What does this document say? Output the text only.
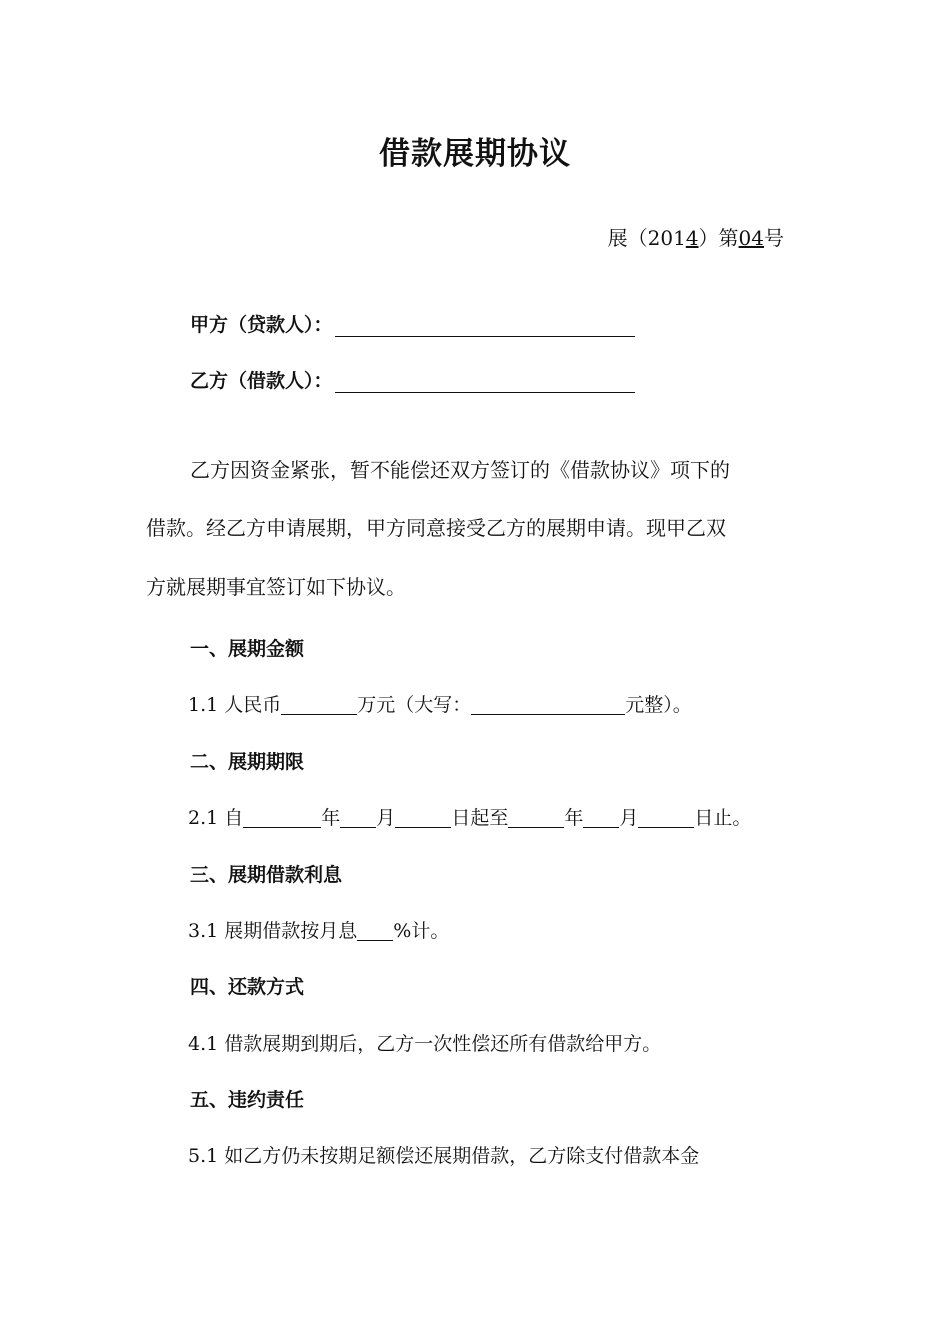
借款展期协议
展（2014）第04号
甲方（贷款人）：
乙方（借款人）：
乙方因资金紧张，暂不能偿还双方签订的《借款协议》项下的
借款。经乙方申请展期，甲方同意接受乙方的展期申请。现甲乙双
方就展期事宜签订如下协议。
一、展期金额
1.1 人民币	万元（大写：	元整）。
二、展期期限
2.1 自	年 月	日起至	年 月	日止。
三、展期借款利息
3.1 展期借款按月息 %计。
四、还款方式
4.1 借款展期到期后，乙方一次性偿还所有借款给甲方。
五、违约责任
5.1 如乙方仍未按期足额偿还展期借款，乙方除支付借款本金
